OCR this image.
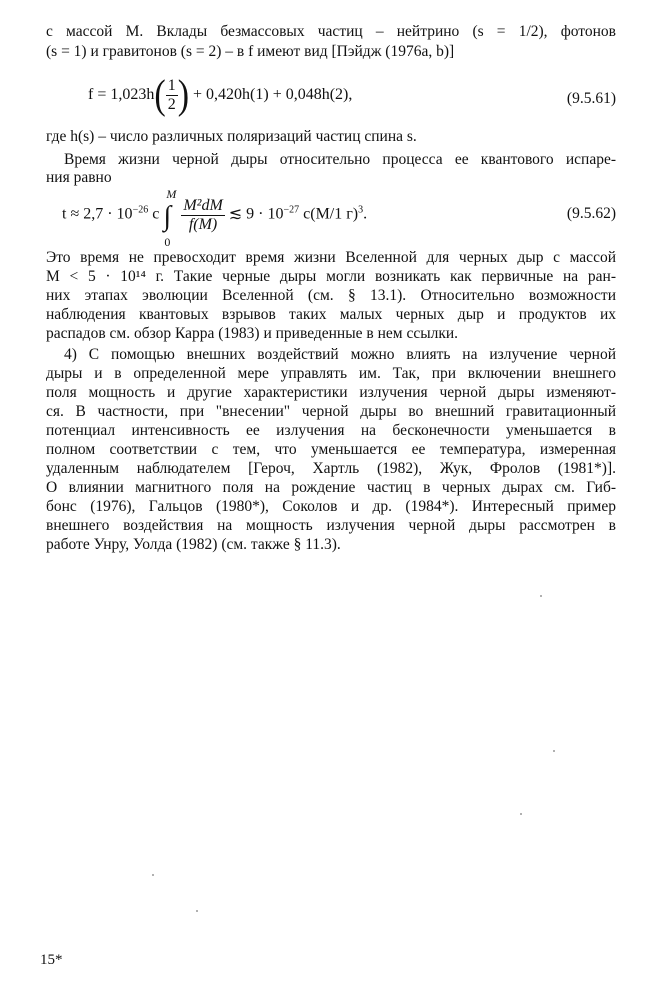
с массой M. Вклады безмассовых частиц – нейтрино (s = 1/2), фотонов
(s = 1) и гравитонов (s = 2) – в f имеют вид [Пэйдж (1976a, b)]
$f = 1,023h( \frac{1}{2}$ ) + 0,420h(1) + 0,048h(2),	(9.5.61)
где h(s) – число различных поляризаций частиц спина s.
Время жизни черной дыры относительно процесса ее квантового испаре-
ния равно
$t \approx 2,7 \cdot 10^{-26}$ c
M
∫
0

$\frac{\text{M²dM}}{f(M)}$ ≲ $9 \cdot 10^{-27}$ c(M/1 г)$^3$.	(9.5.62)
Это время не превосходит время жизни Вселенной для черных дыр с массой
M < 5 · 10¹⁴ г. Такие черные дыры могли возникать как первичные на ран-
них этапах эволюции Вселенной (см. § 13.1). Относительно возможности
наблюдения квантовых взрывов таких малых черных дыр и продуктов их
распадов см. обзор Карра (1983) и приведенные в нем ссылки.
4) С помощью внешних воздействий можно влиять на излучение черной
дыры и в определенной мере управлять им. Так, при включении внешнего
поля мощность и другие характеристики излучения черной дыры изменяют-
ся. В частности, при "внесении" черной дыры во внешний гравитационный
потенциал интенсивность ее излучения на бесконечности уменьшается в
полном соответствии с тем, что уменьшается ее температура, измеренная
удаленным наблюдателем [Героч, Хартль (1982), Жук, Фролов (1981*)].
О влиянии магнитного поля на рождение частиц в черных дырах см. Гиб-
бонс (1976), Гальцов (1980*), Соколов и др. (1984*). Интересный пример
внешнего воздействия на мощность излучения черной дыры рассмотрен в
работе Унру, Уолда (1982) (см. также § 11.3).
15*
